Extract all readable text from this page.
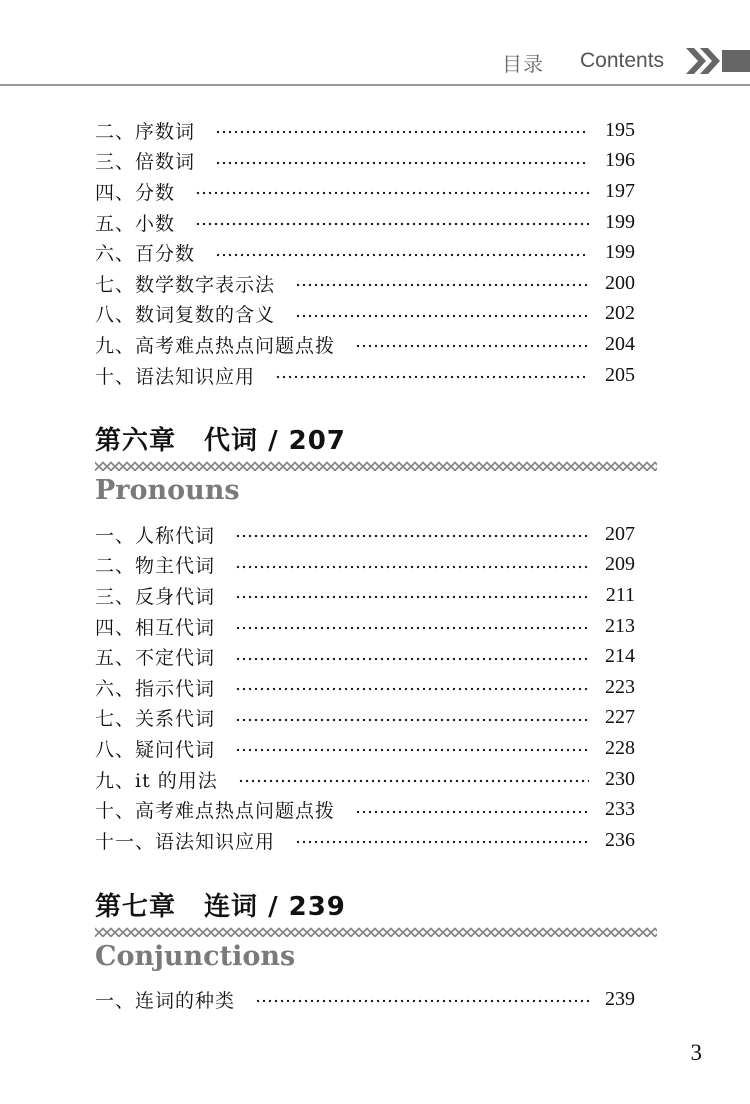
目录 Contents
二、序数词	195
三、倍数词	196
四、分数	197
五、小数	199
六、百分数	199
七、数学数字表示法	200
八、数词复数的含义	202
九、高考难点热点问题点拨	204
十、语法知识应用	205
第六章 代词 / 207
Pronouns
一、人称代词	207
二、物主代词	209
三、反身代词	211
四、相互代词	213
五、不定代词	214
六、指示代词	223
七、关系代词	227
八、疑问代词	228
九、it 的用法	230
十、高考难点热点问题点拨	233
十一、语法知识应用	236
第七章 连词 / 239
Conjunctions
一、连词的种类	239
3
